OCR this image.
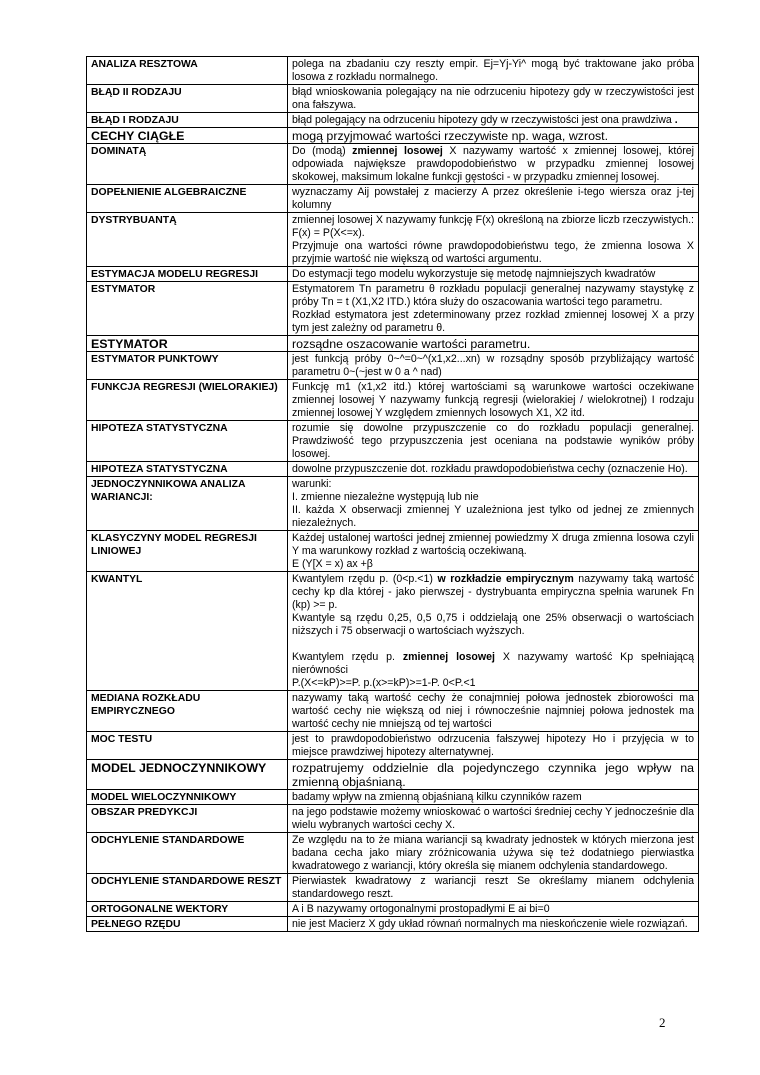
ANALIZA RESZTOWA	polega na zbadaniu czy reszty empir. Ej=Yj-Yi^ mogą być traktowane jako próba losowa z rozkładu normalnego.

BŁĄD II RODZAJU	błąd wnioskowania polegający na nie odrzuceniu hipotezy gdy w rzeczywistości jest ona fałszywa.

BŁĄD I RODZAJU	błąd polegający na odrzuceniu hipotezy gdy w rzeczywistości jest ona prawdziwa .

CECHY CIĄGŁE	mogą przyjmować wartości rzeczywiste np. waga, wzrost.

DOMINATĄ	Do (modą) zmiennej losowej X nazywamy wartość x zmiennej losowej, której odpowiada największe prawdopodobieństwo w przypadku zmiennej losowej skokowej, maksimum lokalne funkcji gęstości - w przypadku zmiennej losowej.

DOPEŁNIENIE ALGEBRAICZNE	wyznaczamy Aij powstałej z macierzy A przez określenie i-tego wiersza oraz j-tej kolumny

DYSTRYBUANTĄ	zmiennej losowej X nazywamy funkcję F(x) określoną na zbiorze liczb rzeczywistych.: F(x) = P(X<=x).
Przyjmuje ona wartości równe prawdopodobieństwu tego, że zmienna losowa X przyjmie wartość nie większą od wartości argumentu.

ESTYMACJA MODELU REGRESJI	Do estymacji tego modelu wykorzystuje się metodę najmniejszych kwadratów

ESTYMATOR	Estymatorem Tn parametru θ rozkładu populacji generalnej nazywamy staystykę z próby Tn = t (X1,X2 ITD.) która służy do oszacowania wartości tego parametru.
Rozkład estymatora jest zdeterminowany przez rozkład zmiennej losowej X a przy tym jest zależny od parametru θ.

ESTYMATOR	rozsądne oszacowanie wartości parametru.

ESTYMATOR PUNKTOWY	jest funkcją próby 0~^=0~^(x1,x2...xn) w rozsądny sposób przybliżający wartość parametru 0~(~jest w 0 a ^ nad)

FUNKCJA REGRESJI (WIELORAKIEJ)	Funkcję m1 (x1,x2 itd.) której wartościami są warunkowe wartości oczekiwane zmiennej losowej Y nazywamy funkcją regresji (wielorakiej / wielokrotnej) I rodzaju zmiennej losowej Y względem zmiennych losowych X1, X2 itd.

HIPOTEZA STATYSTYCZNA	rozumie się dowolne przypuszczenie co do rozkładu populacji generalnej. Prawdziwość tego przypuszczenia jest oceniana na podstawie wyników próby losowej.

HIPOTEZA STATYSTYCZNA	dowolne przypuszczenie dot. rozkładu prawdopodobieństwa cechy (oznaczenie Ho).

JEDNOCZYNNIKOWA ANALIZA WARIANCJI:	warunki:
I. zmienne niezależne występują lub nie
II. każda X obserwacji zmiennej Y uzależniona jest tylko od jednej ze zmiennych niezależnych.

KLASYCZYNY MODEL REGRESJI LINIOWEJ	Każdej ustalonej wartości jednej zmiennej powiedzmy X druga zmienna losowa czyli Y ma warunkowy rozkład z wartością oczekiwaną.
E (Y[X = x) ax +β

KWANTYL	Kwantylem rzędu p. (0<p.<1) w rozkładzie empirycznym nazywamy taką wartość cechy kp dla której - jako pierwszej - dystrybuanta empiryczna spełnia warunek Fn (kp) >= p.
Kwantyle są rzędu 0,25, 0,5 0,75 i oddzielają one 25% obserwacji o wartościach niższych i 75 obserwacji o wartościach wyższych.
Kwantylem rzędu p. zmiennej losowej X nazywamy wartość Kp spełniającą nierówności
P.(X<=kP)>=P. p.(x>=kP)>=1-P. 0<P.<1

MEDIANA ROZKŁADU EMPIRYCZNEGO	nazywamy taką wartość cechy że conajmniej połowa jednostek zbiorowości ma wartość cechy nie większą od niej i równocześnie najmniej połowa jednostek ma wartość cechy nie mniejszą od tej wartości

MOC TESTU	jest to prawdopodobieństwo odrzucenia fałszywej hipotezy Ho i przyjęcia w to miejsce prawdziwej hipotezy alternatywnej.

MODEL JEDNOCZYNNIKOWY	rozpatrujemy oddzielnie dla pojedynczego czynnika jego wpływ na zmienną objaśnianą.

MODEL WIELOCZYNNIKOWY	badamy wpływ na zmienną objaśnianą kilku czynników razem

OBSZAR PREDYKCJI	na jego podstawie możemy wnioskować o wartości średniej cechy Y jednocześnie dla wielu wybranych wartości cechy X.

ODCHYLENIE STANDARDOWE	Ze względu na to że miana wariancji są kwadraty jednostek w których mierzona jest badana cecha jako miary zróżnicowania używa się też dodatniego pierwiastka kwadratowego z wariancji, który określa się mianem odchylenia standardowego.

ODCHYLENIE STANDARDOWE RESZT	Pierwiastek kwadratowy z wariancji reszt Se określamy mianem odchylenia standardowego reszt.

ORTOGONALNE WEKTORY	A i B nazywamy ortogonalnymi prostopadłymi E ai bi=0

PEŁNEGO RZĘDU	nie jest Macierz X gdy układ równań normalnych ma nieskończenie wiele rozwiązań.
2
